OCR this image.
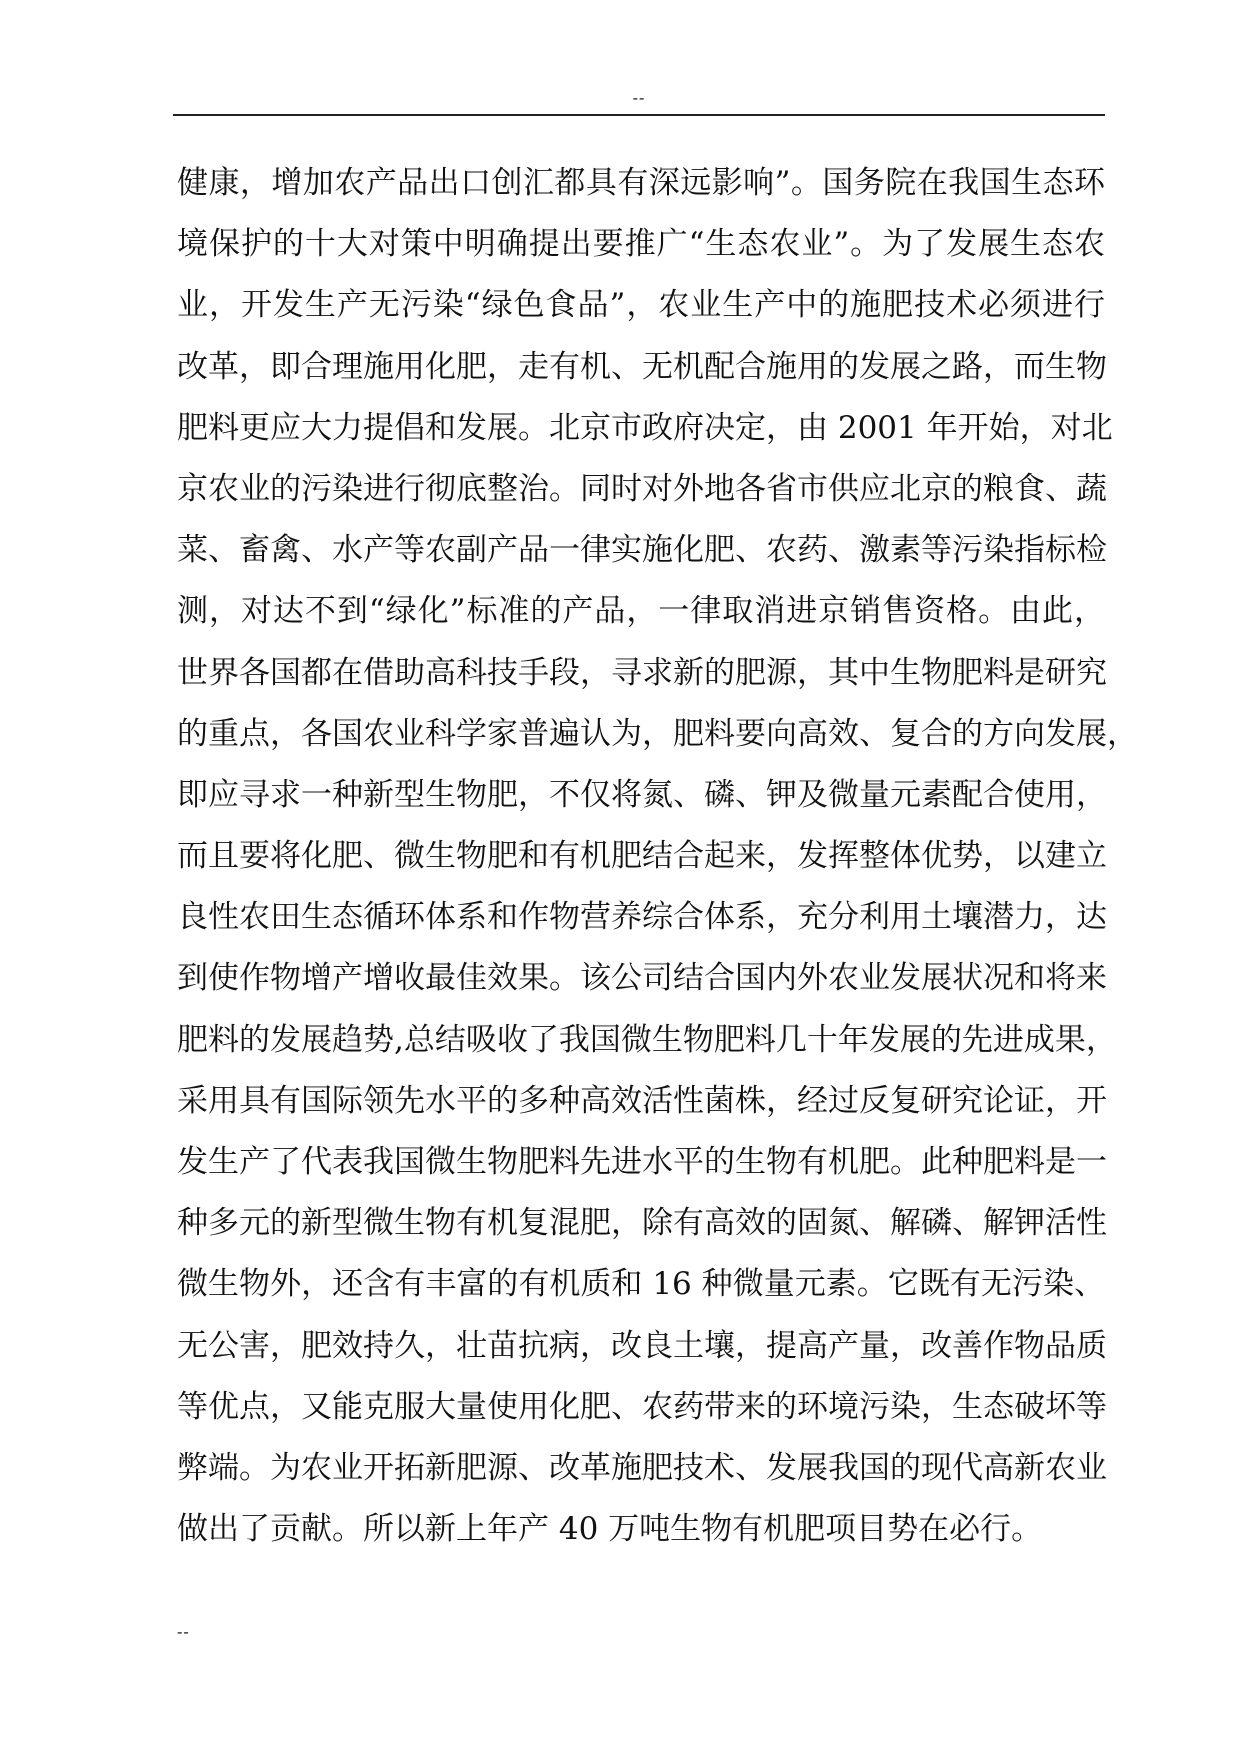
--
健康，增加农产品出口创汇都具有深远影响”。国务院在我国生态环
境保护的十大对策中明确提出要推广“生态农业”。为了发展生态农
业，开发生产无污染“绿色食品”，农业生产中的施肥技术必须进行
改革，即合理施用化肥，走有机、无机配合施用的发展之路，而生物
肥料更应大力提倡和发展。北京市政府决定，由 2001 年开始，对北
京农业的污染进行彻底整治。同时对外地各省市供应北京的粮食、蔬
菜、畜禽、水产等农副产品一律实施化肥、农药、激素等污染指标检
测，对达不到“绿化”标准的产品，一律取消进京销售资格。由此，
世界各国都在借助高科技手段，寻求新的肥源，其中生物肥料是研究
的重点，各国农业科学家普遍认为，肥料要向高效、复合的方向发展，
即应寻求一种新型生物肥，不仅将氮、磷、钾及微量元素配合使用，
而且要将化肥、微生物肥和有机肥结合起来，发挥整体优势，以建立
良性农田生态循环体系和作物营养综合体系，充分利用土壤潜力，达
到使作物增产增收最佳效果。该公司结合国内外农业发展状况和将来
肥料的发展趋势,总结吸收了我国微生物肥料几十年发展的先进成果，
采用具有国际领先水平的多种高效活性菌株，经过反复研究论证，开
发生产了代表我国微生物肥料先进水平的生物有机肥。此种肥料是一
种多元的新型微生物有机复混肥，除有高效的固氮、解磷、解钾活性
微生物外，还含有丰富的有机质和 16 种微量元素。它既有无污染、
无公害，肥效持久，壮苗抗病，改良土壤，提高产量，改善作物品质
等优点，又能克服大量使用化肥、农药带来的环境污染，生态破坏等
弊端。为农业开拓新肥源、改革施肥技术、发展我国的现代高新农业
做出了贡献。所以新上年产 40 万吨生物有机肥项目势在必行。
--
